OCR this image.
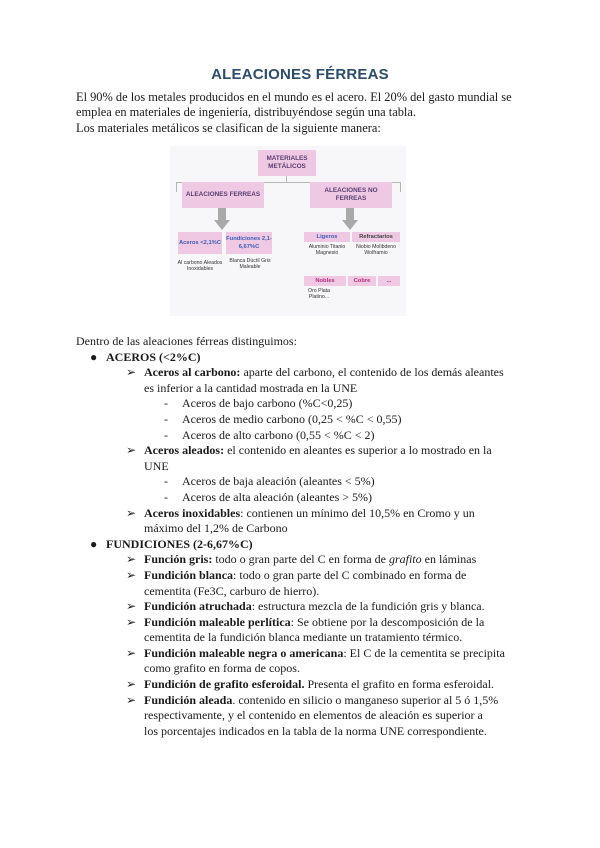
ALEACIONES FÉRREAS

El 90% de los metales producidos en el mundo es el acero. El 20% del gasto mundial se

emplea en materiales de ingeniería, distribuyéndose según una tabla.

Los materiales metálicos se clasifican de la siguiente manera:

MATERIALES METÁLICOS
ALEACIONES FERREAS
ALEACIONES NO FERREAS
Aceros <2,1%C
Fundiciones 2,1-6,67%C
Al carbono Aleados Inoxidables
Blanca Dúctil Gris Maleable
Ligeros	Refractarios
Aluminio Titanio Magnesio
Niobio Molibdeno Wolframio
Nobles	Cobre	...
Oro Plata Platino...

Dentro de las aleaciones férreas distinguimos:

● ACEROS (<2%C)

➢ Aceros al carbono: aparte del carbono, el contenido de los demás aleantes

es inferior a la cantidad mostrada en la UNE

- Aceros de bajo carbono (%C<0,25)

- Aceros de medio carbono (0,25 < %C < 0,55)

- Aceros de alto carbono (0,55 < %C < 2)

➢ Aceros aleados: el contenido en aleantes es superior a lo mostrado en la

UNE

- Aceros de baja aleación (aleantes < 5%)

- Aceros de alta aleación (aleantes > 5%)

➢ Aceros inoxidables: contienen un mínimo del 10,5% en Cromo y un

máximo del 1,2% de Carbono

● FUNDICIONES (2-6,67%C)

➢ Función gris: todo o gran parte del C en forma de grafito en láminas

➢ Fundición blanca: todo o gran parte del C combinado en forma de

cementita (Fe3C, carburo de hierro).

➢ Fundición atruchada: estructura mezcla de la fundición gris y blanca.

➢ Fundición maleable perlítica: Se obtiene por la descomposición de la

cementita de la fundición blanca mediante un tratamiento térmico.

➢ Fundición maleable negra o americana: El C de la cementita se precipita

como grafito en forma de copos.

➢ Fundición de grafito esferoidal. Presenta el grafito en forma esferoidal.

➢ Fundición aleada. contenido en silicio o manganeso superior al 5 ó 1,5%

respectivamente, y el contenido en elementos de aleación es superior a

los porcentajes indicados en la tabla de la norma UNE correspondiente.
